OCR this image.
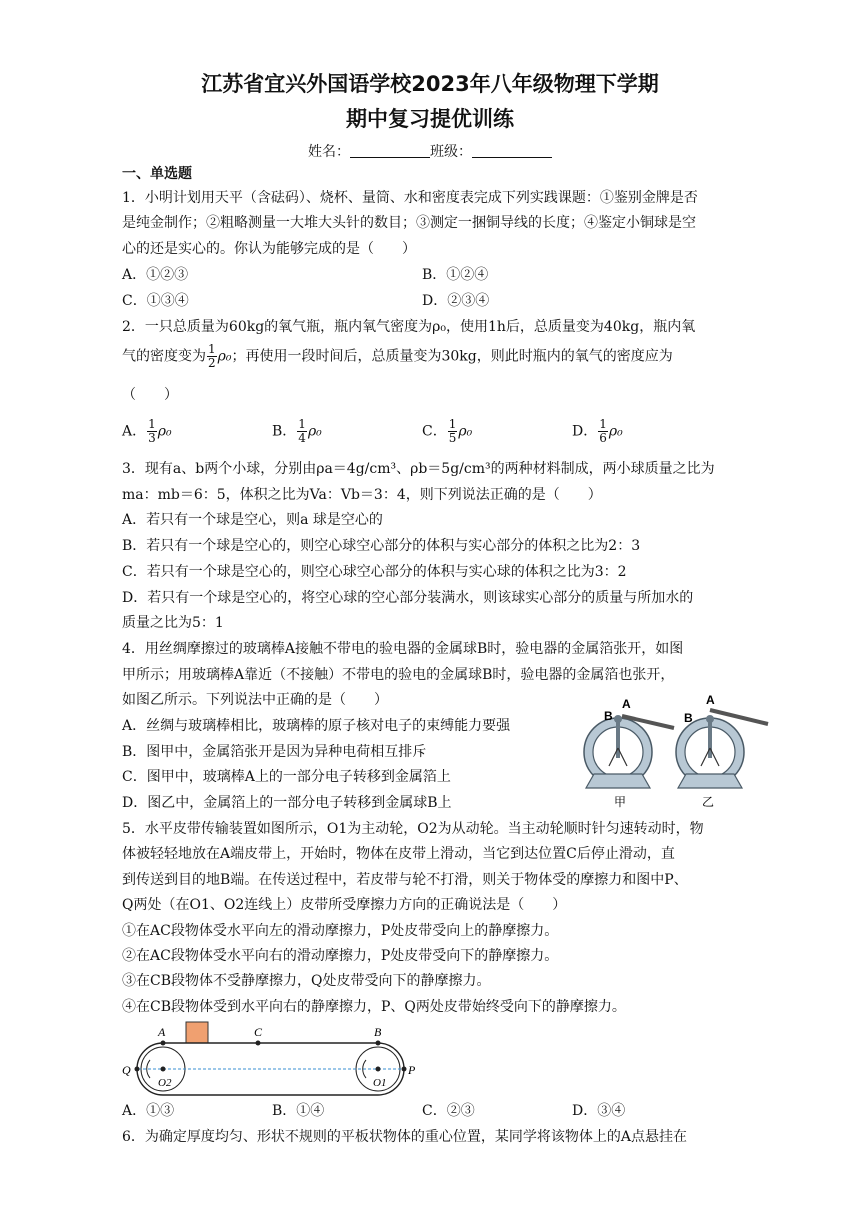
江苏省宜兴外国语学校2023年八年级物理下学期
期中复习提优训练
姓名：	班级：
一、单选题
1．小明计划用天平（含砝码）、烧杯、量筒、水和密度表完成下列实践课题：①鉴别金牌是否
是纯金制作；②粗略测量一大堆大头针的数目；③测定一捆铜导线的长度；④鉴定小铜球是空
心的还是实心的。你认为能够完成的是（　　）
A．①②③	B．①②④
C．①③④	D．②③④
2．一只总质量为60kg的氧气瓶，瓶内氧气密度为ρ₀，使用1h后，总质量变为40kg，瓶内氧
气的密度变为 $\frac{1}{2} \rho_0$；再使用一段时间后，总质量变为30kg，则此时瓶内的氧气的密度应为
（　　）
A． $\frac{1}{3} \rho_0$	B． $\frac{1}{4} \rho_0$	C． $\frac{1}{5} \rho_0$	D． $\frac{1}{6} \rho_0$
3．现有a、b两个小球，分别由ρa＝4g/cm³、ρb＝5g/cm³的两种材料制成，两小球质量之比为
ma：mb＝6：5，体积之比为Va：Vb＝3：4，则下列说法正确的是（　　）
A．若只有一个球是空心，则a 球是空心的
B．若只有一个球是空心的，则空心球空心部分的体积与实心部分的体积之比为2：3
C．若只有一个球是空心的，则空心球空心部分的体积与实心球的体积之比为3：2
D．若只有一个球是空心的，将空心球的空心部分装满水，则该球实心部分的质量与所加水的
质量之比为5：1
4．用丝绸摩擦过的玻璃棒A接触不带电的验电器的金属球B时，验电器的金属箔张开，如图
甲所示；用玻璃棒A靠近（不接触）不带电的验电的金属球B时，验电器的金属箔也张开，
如图乙所示。下列说法中正确的是（　　）
A．丝绸与玻璃棒相比，玻璃棒的原子核对电子的束缚能力要强
B．图甲中，金属箔张开是因为异种电荷相互排斥
C．图甲中，玻璃棒A上的一部分电子转移到金属箔上
D．图乙中，金属箔上的一部分电子转移到金属球B上
B
A
甲
B
A
乙
5．水平皮带传输装置如图所示，O1为主动轮，O2为从动轮。当主动轮顺时针匀速转动时，物
体被轻轻地放在A端皮带上，开始时，物体在皮带上滑动，当它到达位置C后停止滑动，直
到传送到目的地B端。在传送过程中，若皮带与轮不打滑，则关于物体受的摩擦力和图中P、
Q两处（在O1、O2连线上）皮带所受摩擦力方向的正确说法是（　　）
①在AC段物体受水平向左的滑动摩擦力，P处皮带受向上的静摩擦力。
②在AC段物体受水平向右的滑动摩擦力，P处皮带受向下的静摩擦力。
③在CB段物体不受静摩擦力，Q处皮带受向下的静摩擦力。
④在CB段物体受到水平向右的静摩擦力，P、Q两处皮带始终受向下的静摩擦力。
A	C	B
Q	P
O2	O1
A．①③	B．①④	C．②③	D．③④
6．为确定厚度均匀、形状不规则的平板状物体的重心位置，某同学将该物体上的A点悬挂在
